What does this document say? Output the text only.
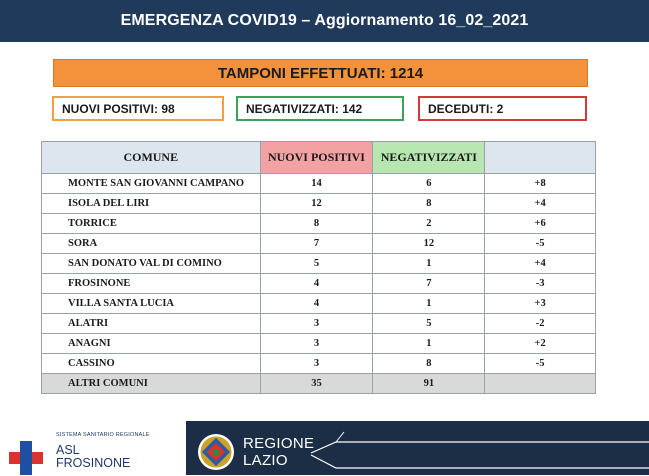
EMERGENZA COVID19 – Aggiornamento 16_02_2021
TAMPONI EFFETTUATI: 1214
NUOVI POSITIVI: 98	NEGATIVIZZATI: 142	DECEDUTI: 2
COMUNE	NUOVI POSITIVI	NEGATIVIZZATI	
MONTE SAN GIOVANNI CAMPANO	14	6	+8
ISOLA DEL LIRI	12	8	+4
TORRICE	8	2	+6
SORA	7	12	-5
SAN DONATO VAL DI COMINO	5	1	+4
FROSINONE	4	7	-3
VILLA SANTA LUCIA	4	1	+3
ALATRI	3	5	-2
ANAGNI	3	1	+2
CASSINO	3	8	-5
ALTRI COMUNI	35	91	
SISTEMA SANITARIO REGIONALE
ASL
FROSINONE
REGIONE
LAZIO
